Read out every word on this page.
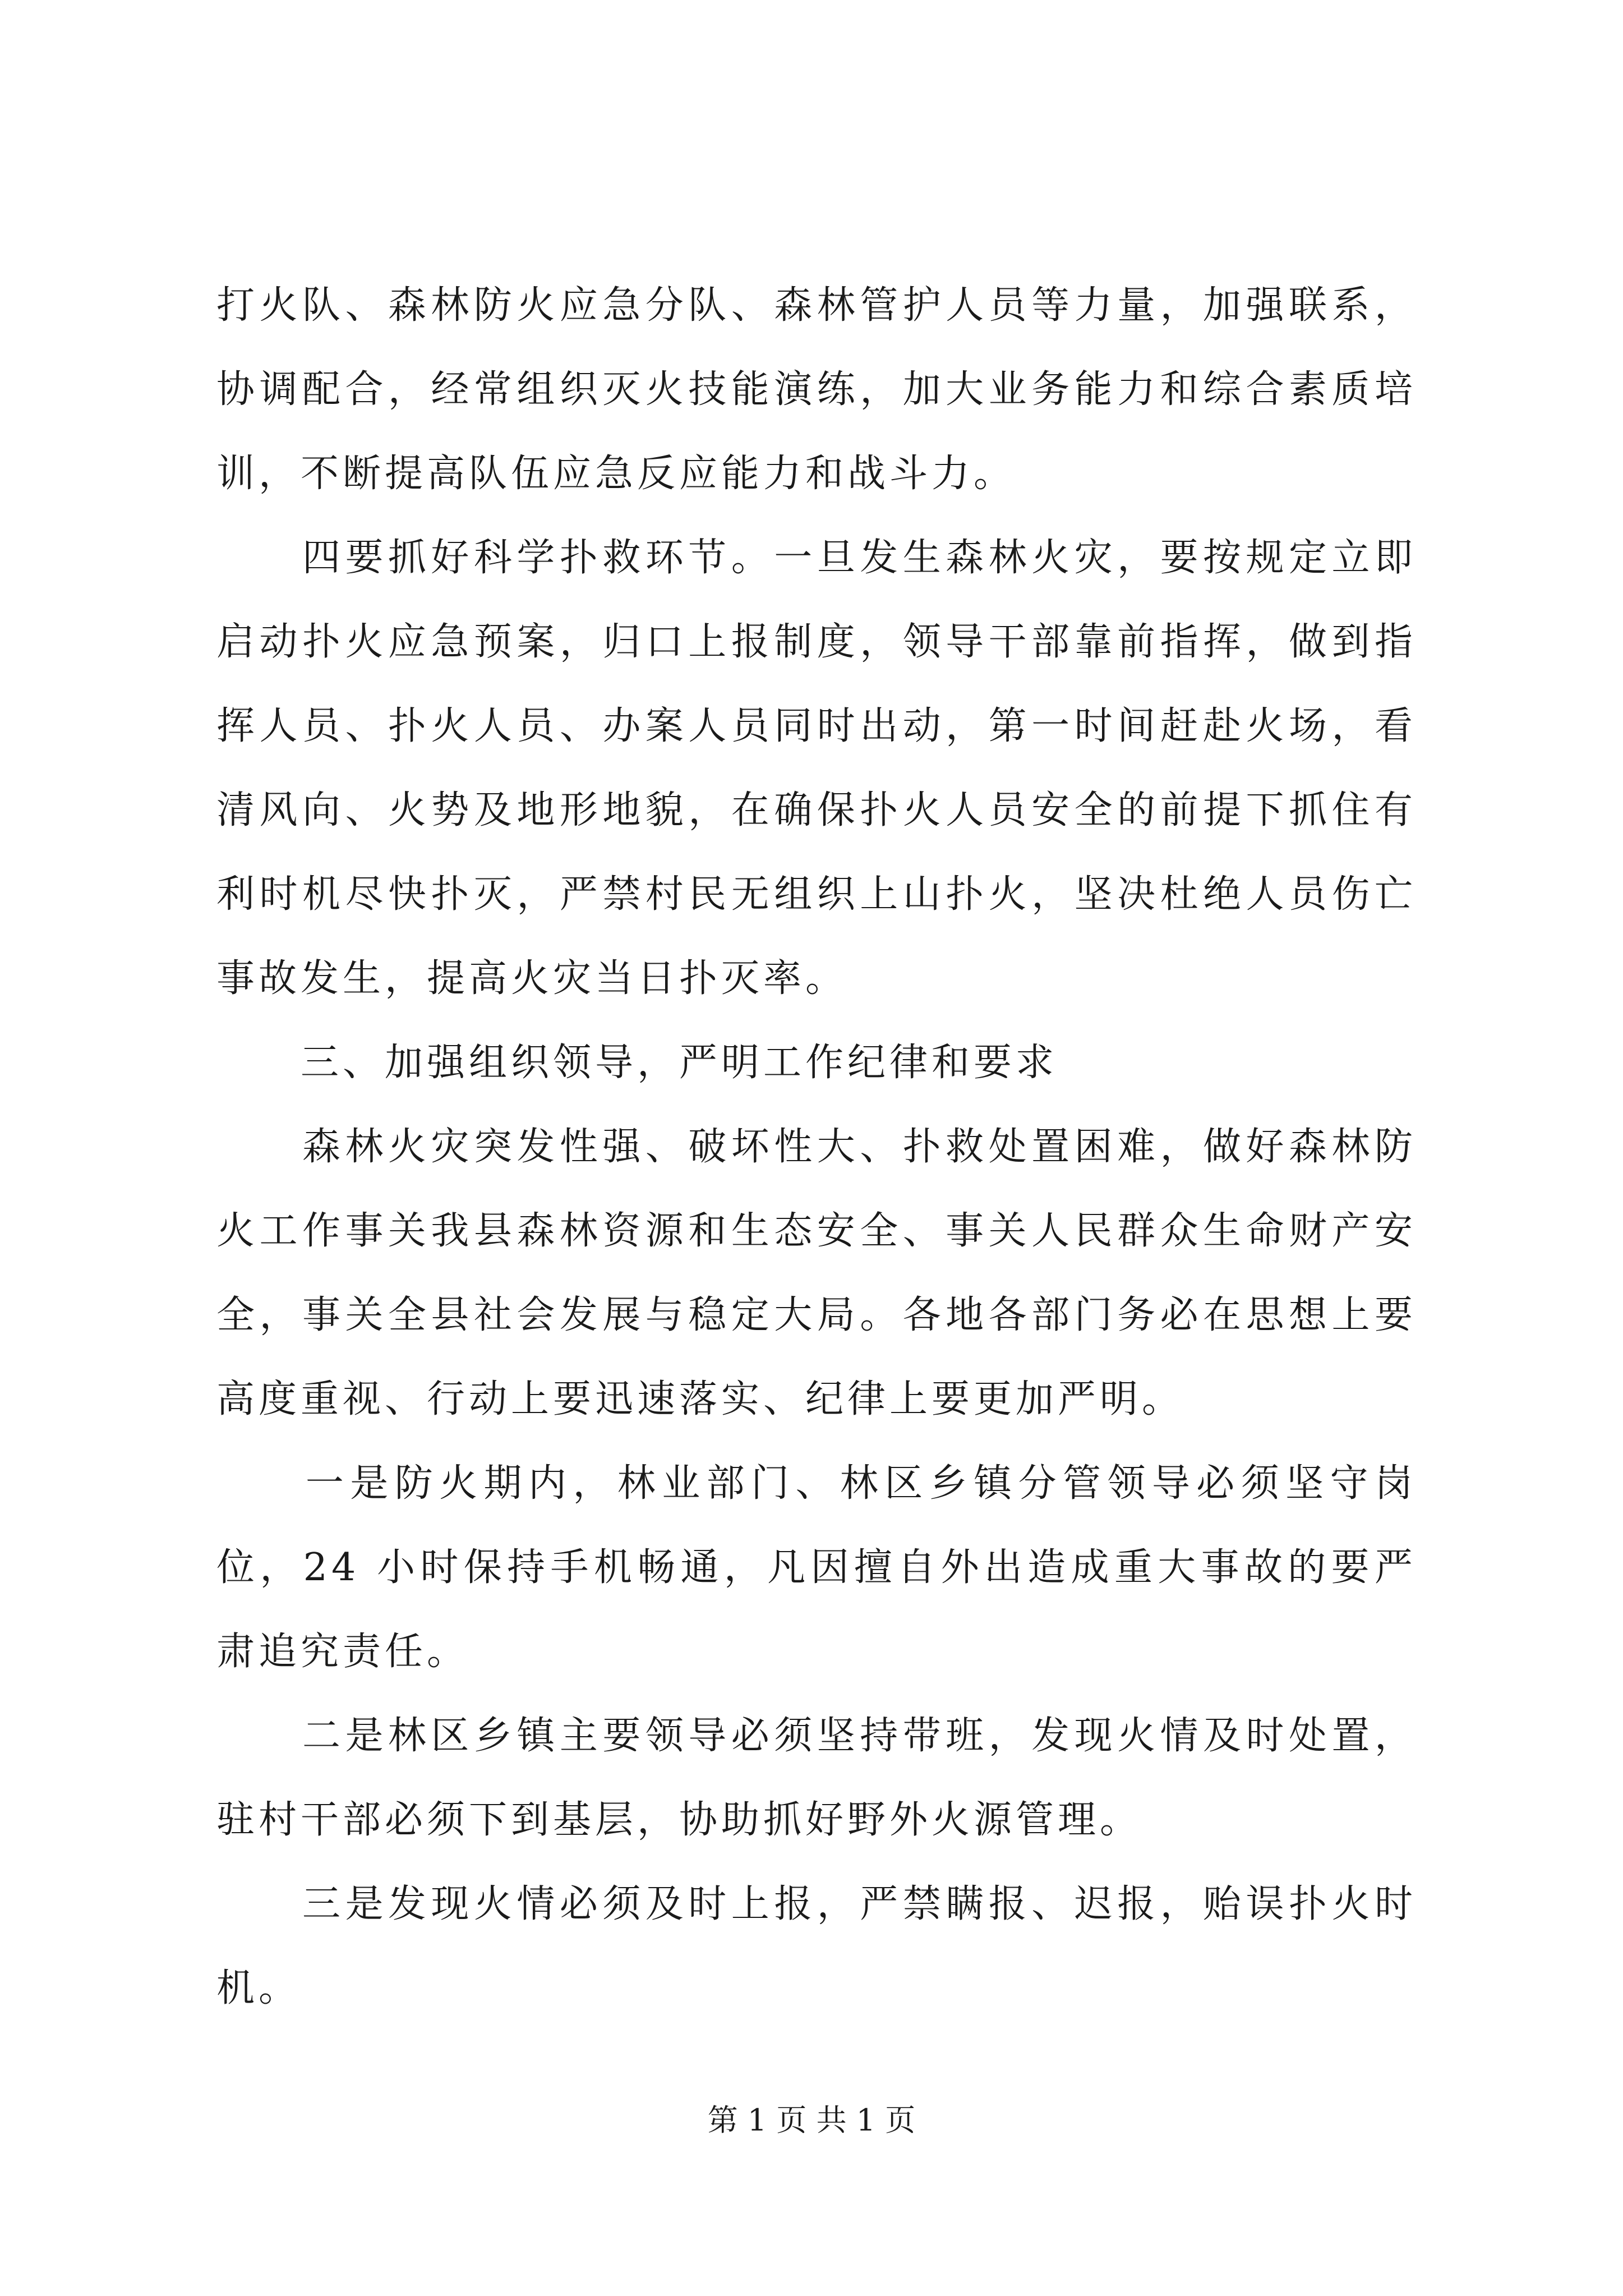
打火队、森林防火应急分队、森林管护人员等力量，加强联系，协调配合，经常组织灭火技能演练，加大业务能力和综合素质培训，不断提高队伍应急反应能力和战斗力。

　　四要抓好科学扑救环节。一旦发生森林火灾，要按规定立即启动扑火应急预案，归口上报制度，领导干部靠前指挥，做到指挥人员、扑火人员、办案人员同时出动，第一时间赶赴火场，看清风向、火势及地形地貌，在确保扑火人员安全的前提下抓住有利时机尽快扑灭，严禁村民无组织上山扑火，坚决杜绝人员伤亡事故发生，提高火灾当日扑灭率。

　　三、加强组织领导，严明工作纪律和要求

　　森林火灾突发性强、破坏性大、扑救处置困难，做好森林防火工作事关我县森林资源和生态安全、事关人民群众生命财产安全，事关全县社会发展与稳定大局。各地各部门务必在思想上要高度重视、行动上要迅速落实、纪律上要更加严明。

　　一是防火期内，林业部门、林区乡镇分管领导必须坚守岗位，24 小时保持手机畅通，凡因擅自外出造成重大事故的要严肃追究责任。

　　二是林区乡镇主要领导必须坚持带班，发现火情及时处置，驻村干部必须下到基层，协助抓好野外火源管理。

　　三是发现火情必须及时上报，严禁瞒报、迟报，贻误扑火时机。

第 1 页 共 1 页
